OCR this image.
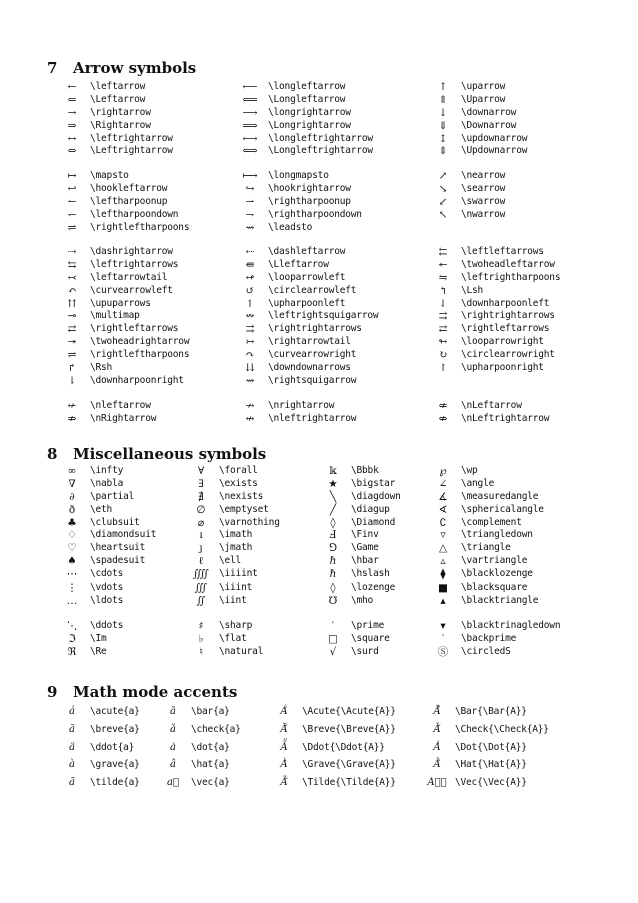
7 Arrow symbols
←	\leftarrow	⟵	\longleftarrow	↑	\uparrow
⇐	\Leftarrow	⟸	\Longleftarrow	⇑	\Uparrow
→	\rightarrow	⟶	\longrightarrow	↓	\downarrow
⇒	\Rightarrow	⟹	\Longrightarrow	⇓	\Downarrow
↔	\leftrightarrow	⟷	\longleftrightarrow	↕	\updownarrow
⇔	\Leftrightarrow	⟺	\Longleftrightarrow	⇕	\Updownarrow
↦	\mapsto	⟼	\longmapsto	↗	\nearrow
↩	\hookleftarrow	↪	\hookrightarrow	↘	\searrow
↼	\leftharpoonup	⇀	\rightharpoonup	↙	\swarrow
↽	\leftharpoondown	⇁	\rightharpoondown	↖	\nwarrow
⇌	\rightleftharpoons	⇝	\leadsto
⇢	\dashrightarrow	⇠	\dashleftarrow	⇇	\leftleftarrows
⇆	\leftrightarrows	⇚	\Lleftarrow	↞	\twoheadleftarrow
↢	\leftarrowtail	↫	\looparrowleft	⇋	\leftrightharpoons
↶	\curvearrowleft	↺	\circlearrowleft	↰	\Lsh
⇈	\upuparrows	↿	\upharpoonleft	⇃	\downharpoonleft
⊸	\multimap	↭	\leftrightsquigarrow	⇉	\rightrightarrows
⇄	\rightleftarrows	⇉	\rightrightarrows	⇄	\rightleftarrows
↠	\twoheadrightarrow	↣	\rightarrowtail	↬	\looparrowright
⇌	\rightleftharpoons	↷	\curvearrowright	↻	\circlearrowright
↱	\Rsh	⇊	\downdownarrows	↾	\upharpoonright
⇂	\downharpoonright	⇝	\rightsquigarrow
↚	\nleftarrow	↛	\nrightarrow	⇍	\nLeftarrow
⇏	\nRightarrow	↮	\nleftrightarrow	⇎	\nLeftrightarrow
8 Miscellaneous symbols
∞	\infty	∀	\forall	𝕜	\Bbbk	℘	\wp
∇	\nabla	∃	\exists	★	\bigstar	∠	\angle
∂	\partial	∄	\nexists	╲	\diagdown	∡	\measuredangle
ð	\eth	∅	\emptyset	╱	\diagup	∢	\sphericalangle
♣	\clubsuit	⌀	\varnothing	◊	\Diamond	∁	\complement
♢	\diamondsuit	ı	\imath	Ⅎ	\Finv	▿	\triangledown
♡	\heartsuit	ȷ	\jmath	⅁	\Game	△	\triangle
♠	\spadesuit	ℓ	\ell	ℏ	\hbar	▵	\vartriangle
⋯	\cdots	⨌	\iiiint	ℏ	\hslash	⧫	\blacklozenge
⋮	\vdots	∭	\iiint	◊	\lozenge	■	\blacksquare
…	\ldots	∬	\iint	℧	\mho	▴	\blacktriangle
⋱	\ddots	♯	\sharp	′	\prime	▾	\blacktrinagledown
ℑ	\Im	♭	\flat	□	\square	‵	\backprime
ℜ	\Re	♮	\natural	√	\surd	Ⓢ	\circledS
9 Math mode accents
á	\acute{a}	ā	\bar{a}	Á́	\Acute{\Acute{A}}	Ā̄	\Bar{\Bar{A}}
ă	\breve{a}	ǎ	\check{a}	Ă̆	\Breve{\Breve{A}}	Ǎ̌	\Check{\Check{A}}
ä	\ddot{a}	ȧ	\dot{a}	Ä̈	\Ddot{\Ddot{A}}	Ȧ̇	\Dot{\Dot{A}}
à	\grave{a}	â	\hat{a}	À̀	\Grave{\Grave{A}}	Â̂	\Hat{\Hat{A}}
ã	\tilde{a}	a⃗	\vec{a}	Ã̃	\Tilde{\Tilde{A}}	A⃗⃗ \Vec{\Vec{A}}
